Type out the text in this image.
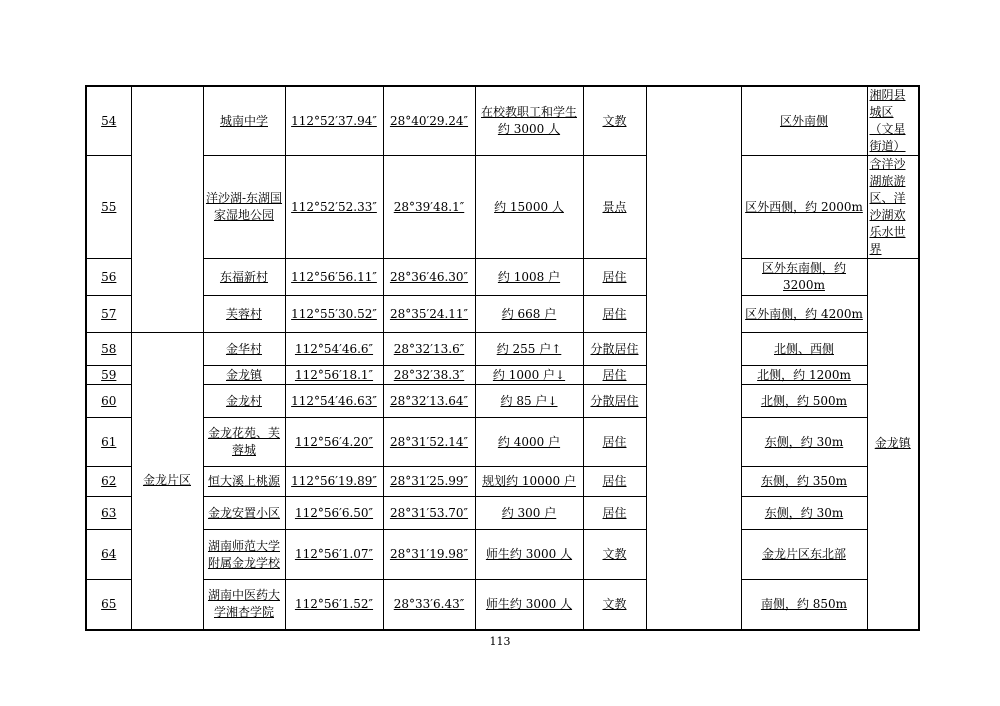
54		城南中学	112°52′37.94″	28°40′29.24″	在校教职工和学生约 3000 人	文教		区外南侧	湘阴县城区（文星街道）
55		洋沙湖-东湖国家湿地公园	112°52′52.33″	28°39′48.1″	约 15000 人	景点		区外西侧，约 2000m	含洋沙湖旅游区、洋沙湖欢乐水世界
56		东福新村	112°56′56.11″	28°36′46.30″	约 1008 户	居住		区外东南侧，约 3200m	金龙镇
57		芙蓉村	112°55′30.52″	28°35′24.11″	约 668 户	居住		区外南侧，约 4200m	
58	金龙片区	金华村	112°54′46.6″	28°32′13.6″	约 255 户↑	分散居住		北侧、西侧	
59		金龙镇	112°56′18.1″	28°32′38.3″	约 1000 户↓	居住		北侧，约 1200m	
60		金龙村	112°54′46.63″	28°32′13.64″	约 85 户↓	分散居住		北侧，约 500m	
61		金龙花苑、芙蓉城	112°56′4.20″	28°31′52.14″	约 4000 户	居住		东侧，约 30m	
62		恒大溪上桃源	112°56′19.89″	28°31′25.99″	规划约 10000 户	居住		东侧，约 350m	
63		金龙安置小区	112°56′6.50″	28°31′53.70″	约 300 户	居住		东侧，约 30m	
64		湖南师范大学附属金龙学校	112°56′1.07″	28°31′19.98″	师生约 3000 人	文教		金龙片区东北部	
65		湖南中医药大学湘杏学院	112°56′1.52″	28°33′6.43″	师生约 3000 人	文教		南侧，约 850m	
113
